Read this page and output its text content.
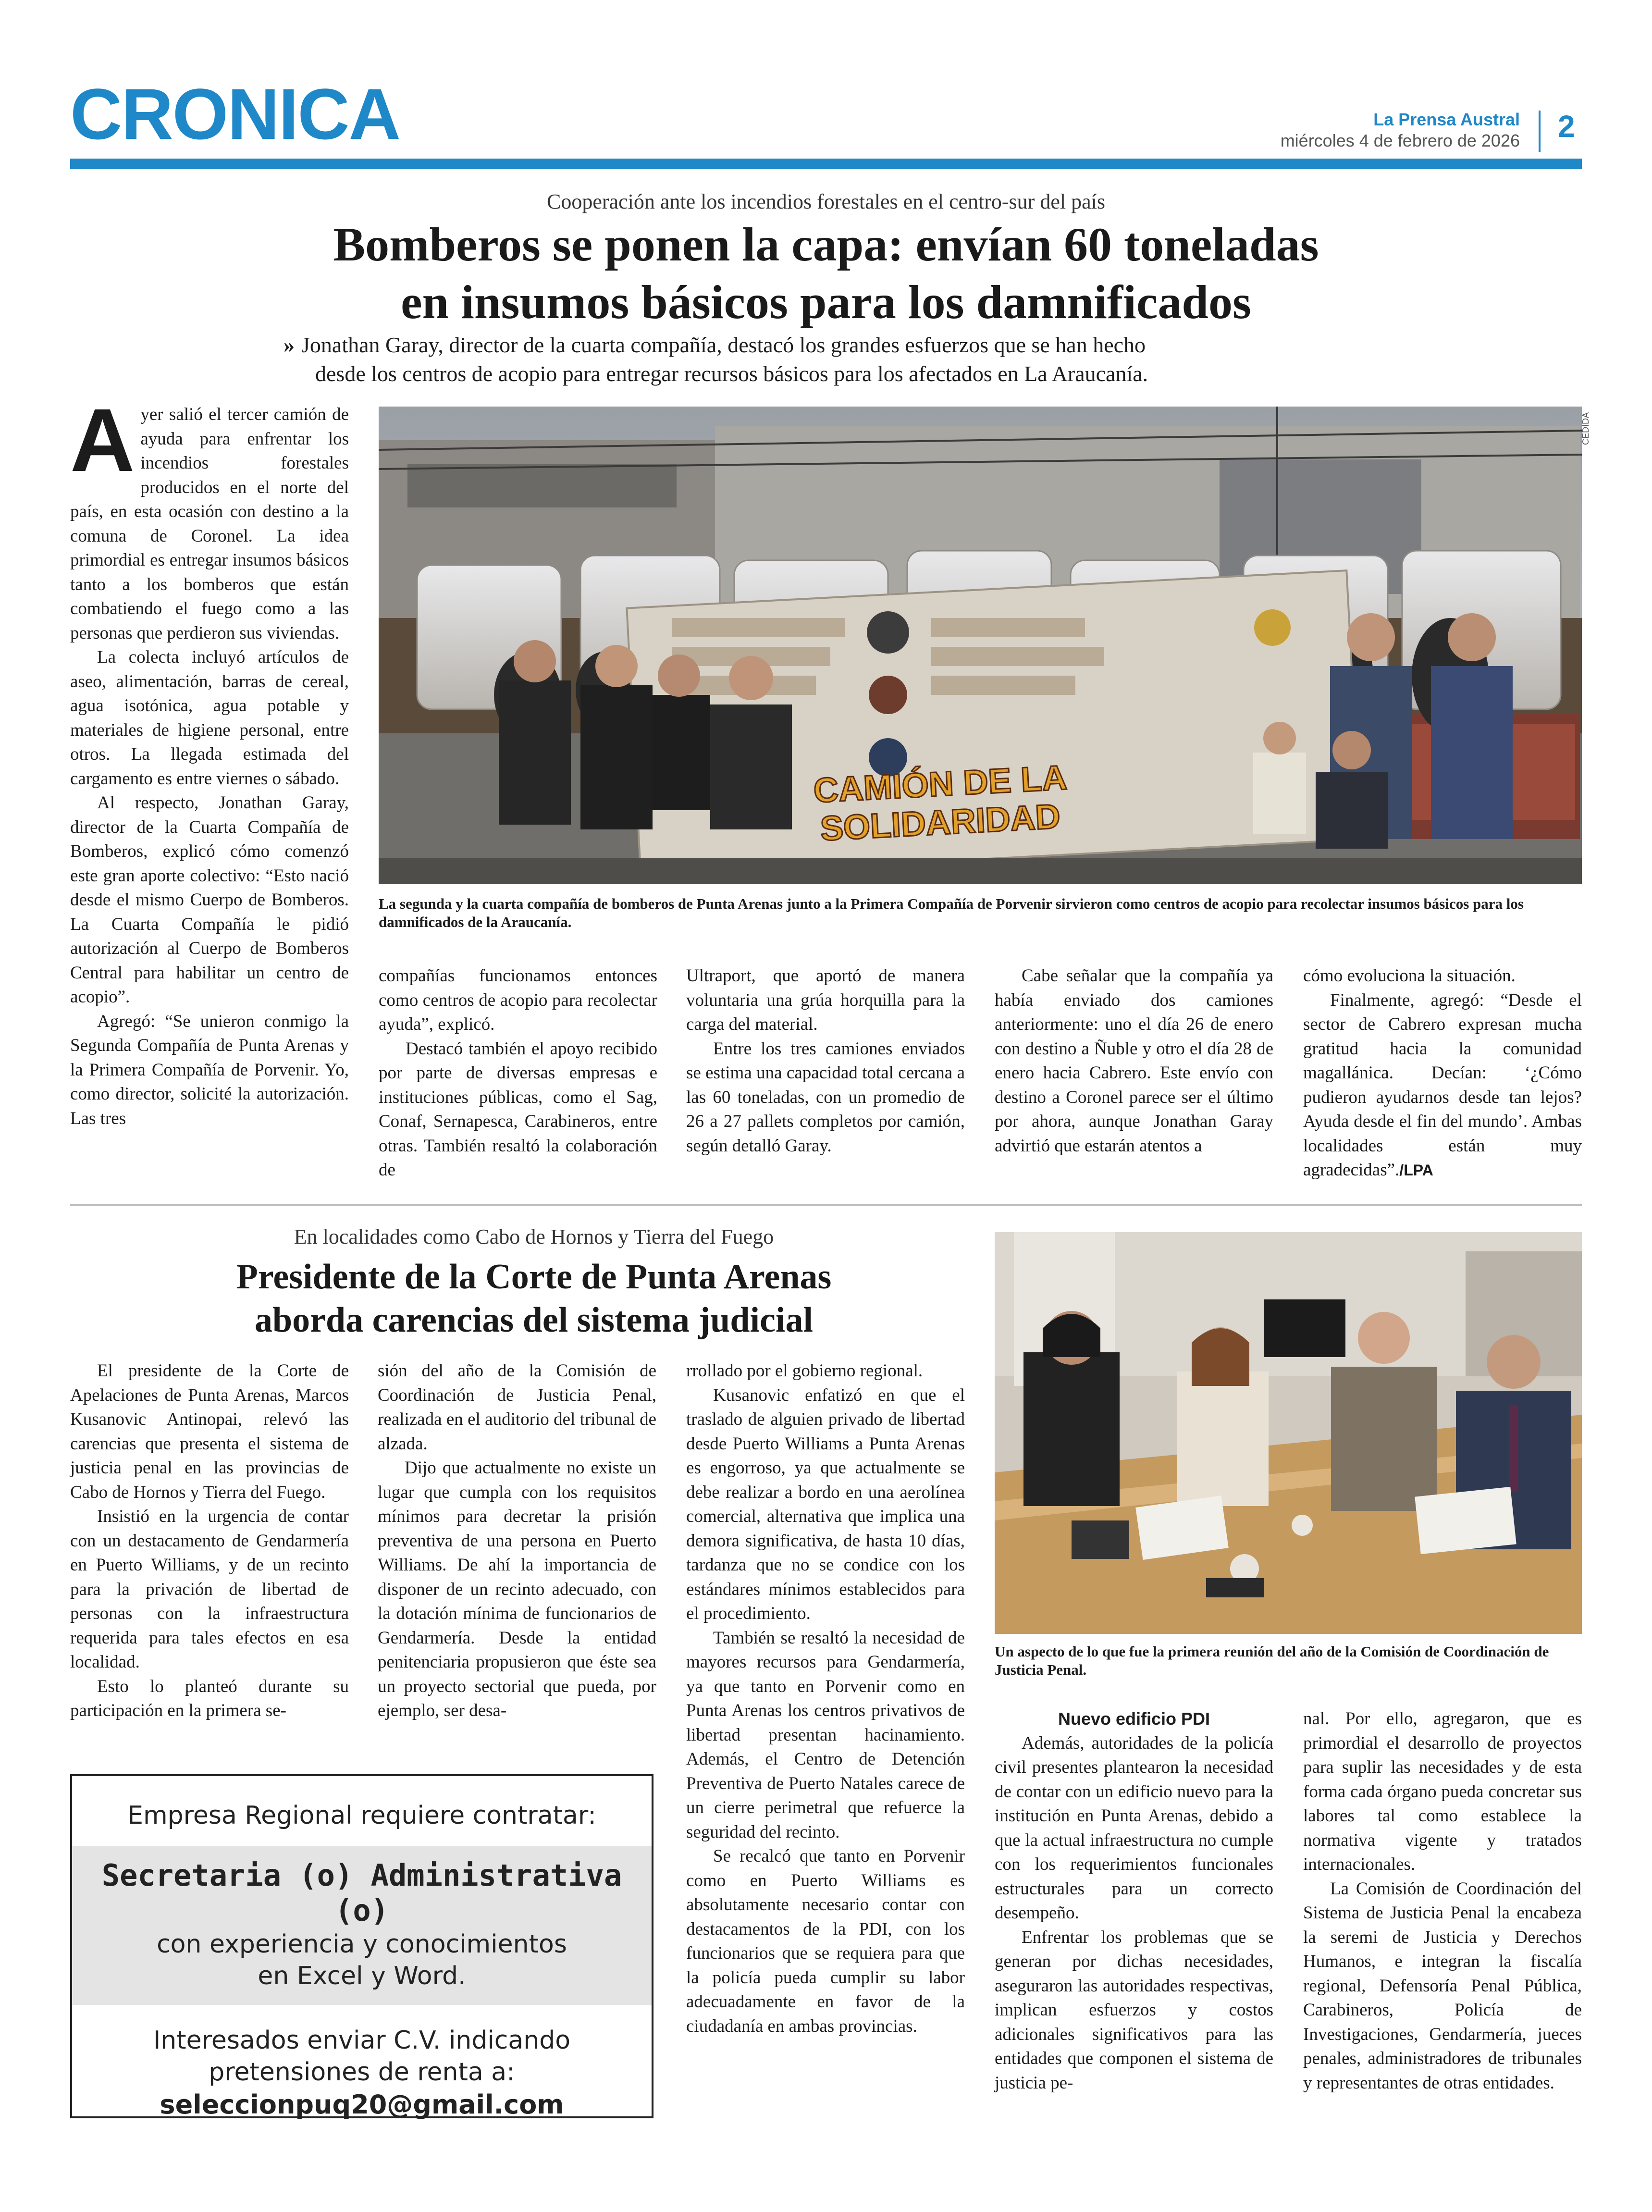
CRONICA	La Prensa Austral
miércoles 4 de febrero de 2026 2
Cooperación ante los incendios forestales en el centro-sur del país
Bomberos se ponen la capa: envían 60 toneladas
en insumos básicos para los damnificados
» Jonathan Garay, director de la cuarta compañía, destacó los grandes esfuerzos que se han hecho
desde los centros de acopio para entregar recursos básicos para los afectados en La Araucanía.
A yer salió el tercer camión de ayuda para enfrentar los incendios forestales producidos en el norte del país, en esta ocasión con destino a la comuna de Coronel. La idea primordial es entregar insumos básicos tanto a los bomberos que están combatiendo el fuego como a las personas que perdieron sus viviendas.

La colecta incluyó artículos de aseo, alimentación, barras de cereal, agua isotónica, agua potable y materiales de higiene personal, entre otros. La llegada estimada del cargamento es entre viernes o sábado.

Al respecto, Jonathan Garay, director de la Cuarta Compañía de Bomberos, explicó cómo comenzó este gran aporte colectivo: “Esto nació desde el mismo Cuerpo de Bomberos. La Cuarta Compañía le pidió autorización al Cuerpo de Bomberos Central para habilitar un centro de acopio”.

Agregó: “Se unieron conmigo la Segunda Compañía de Punta Arenas y la Primera Compañía de Porvenir. Yo, como director, solicité la autorización. Las tres

CAMIÓN DE LA
SOLIDARIDAD
CEDIDA
La segunda y la cuarta compañía de bomberos de Punta Arenas junto a la Primera Compañía de Porvenir sirvieron como centros de acopio para recolectar insumos básicos para los damnificados de la Araucanía.

compañías funcionamos entonces como centros de acopio para recolectar ayuda”, explicó.

Destacó también el apoyo recibido por parte de diversas empresas e instituciones públicas, como el Sag, Conaf, Sernapesca, Carabineros, entre otras. También resaltó la colaboración de

Ultraport, que aportó de manera voluntaria una grúa horquilla para la carga del material.

Entre los tres camiones enviados se estima una capacidad total cercana a las 60 toneladas, con un promedio de 26 a 27 pallets completos por camión, según detalló Garay.

Cabe señalar que la compañía ya había enviado dos camiones anteriormente: uno el día 26 de enero con destino a Ñuble y otro el día 28 de enero hacia Cabrero. Este envío con destino a Coronel parece ser el último por ahora, aunque Jonathan Garay advirtió que estarán atentos a

cómo evoluciona la situación.

Finalmente, agregó: “Desde el sector de Cabrero expresan mucha gratitud hacia la comunidad magallánica. Decían: ‘¿Cómo pudieron ayudarnos desde tan lejos? Ayuda desde el fin del mundo’. Ambas localidades están muy agradecidas”./LPA

En localidades como Cabo de Hornos y Tierra del Fuego
Presidente de la Corte de Punta Arenas
aborda carencias del sistema judicial

El presidente de la Corte de Apelaciones de Punta Arenas, Marcos Kusanovic Antinopai, relevó las carencias que presenta el sistema de justicia penal en las provincias de Cabo de Hornos y Tierra del Fuego.

Insistió en la urgencia de contar con un destacamento de Gendarmería en Puerto Williams, y de un recinto para la privación de libertad de personas con la infraestructura requerida para tales efectos en esa localidad.

Esto lo planteó durante su participación en la primera se-

sión del año de la Comisión de Coordinación de Justicia Penal, realizada en el auditorio del tribunal de alzada.

Dijo que actualmente no existe un lugar que cumpla con los requisitos mínimos para decretar la prisión preventiva de una persona en Puerto Williams. De ahí la importancia de disponer de un recinto adecuado, con la dotación mínima de funcionarios de Gendarmería. Desde la entidad penitenciaria propusieron que éste sea un proyecto sectorial que pueda, por ejemplo, ser desa-

rrollado por el gobierno regional.

Kusanovic enfatizó en que el traslado de alguien privado de libertad desde Puerto Williams a Punta Arenas es engorroso, ya que actualmente se debe realizar a bordo en una aerolínea comercial, alternativa que implica una demora significativa, de hasta 10 días, tardanza que no se condice con los estándares mínimos establecidos para el procedimiento.

También se resaltó la necesidad de mayores recursos para Gendarmería, ya que tanto en Porvenir como en Punta Arenas los centros privativos de libertad presentan hacinamiento. Además, el Centro de Detención Preventiva de Puerto Natales carece de un cierre perimetral que refuerce la seguridad del recinto.

Se recalcó que tanto en Porvenir como en Puerto Williams es absolutamente necesario contar con destacamentos de la PDI, con los funcionarios que se requiera para que la policía pueda cumplir su labor adecuadamente en favor de la ciudadanía en ambas provincias.

Un aspecto de lo que fue la primera reunión del año de la Comisión de Coordinación de Justicia Penal.
Nuevo edificio PDI

Además, autoridades de la policía civil presentes plantearon la necesidad de contar con un edificio nuevo para la institución en Punta Arenas, debido a que la actual infraestructura no cumple con los requerimientos funcionales estructurales para un correcto desempeño.

Enfrentar los problemas que se generan por dichas necesidades, aseguraron las autoridades respectivas, implican esfuerzos y costos adicionales significativos para las entidades que componen el sistema de justicia pe-

nal. Por ello, agregaron, que es primordial el desarrollo de proyectos para suplir las necesidades y de esta forma cada órgano pueda concretar sus labores tal como establece la normativa vigente y tratados internacionales.

La Comisión de Coordinación del Sistema de Justicia Penal la encabeza la seremi de Justicia y Derechos Humanos, e integran la fiscalía regional, Defensoría Penal Pública, Carabineros, Policía de Investigaciones, Gendarmería, jueces penales, administradores de tribunales y representantes de otras entidades.

Empresa Regional requiere contratar:
Secretaria (o) Administrativa (o)
con experiencia y conocimientos
en Excel y Word.
Interesados enviar C.V. indicando
pretensiones de renta a:
seleccionpuq20@gmail.com
